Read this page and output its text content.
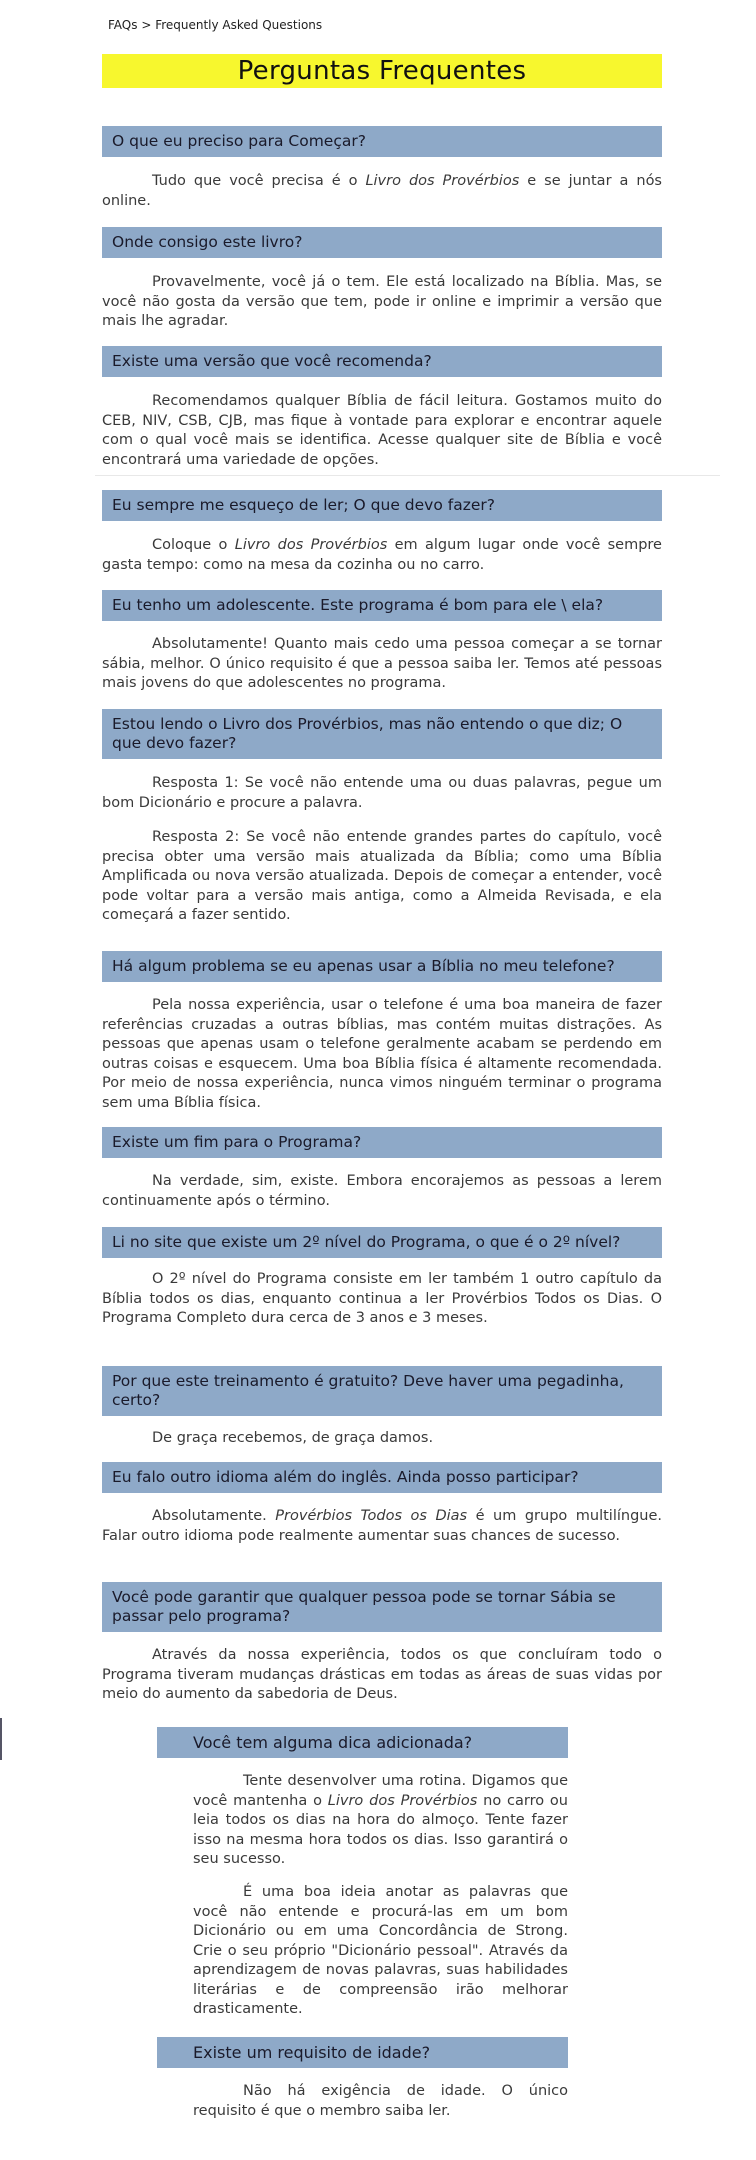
FAQs > Frequently Asked Questions
Perguntas Frequentes
O que eu preciso para Começar?

Tudo que você precisa é o Livro dos Provérbios e se juntar a nós online.

Onde consigo este livro?

Provavelmente, você já o tem. Ele está localizado na Bíblia. Mas, se você não gosta da versão que tem, pode ir online e imprimir a versão que mais lhe agradar.

Existe uma versão que você recomenda?

Recomendamos qualquer Bíblia de fácil leitura. Gostamos muito do CEB, NIV, CSB, CJB, mas fique à vontade para explorar e encontrar aquele com o qual você mais se identifica. Acesse qualquer site de Bíblia e você encontrará uma variedade de opções.

Eu sempre me esqueço de ler; O que devo fazer?

Coloque o Livro dos Provérbios em algum lugar onde você sempre gasta tempo: como na mesa da cozinha ou no carro.

Eu tenho um adolescente. Este programa é bom para ele \ ela?

Absolutamente! Quanto mais cedo uma pessoa começar a se tornar sábia, melhor. O único requisito é que a pessoa saiba ler. Temos até pessoas mais jovens do que adolescentes no programa.

Estou lendo o Livro dos Provérbios, mas não entendo o que diz; O que devo fazer?

Resposta 1: Se você não entende uma ou duas palavras, pegue um bom Dicionário e procure a palavra.

Resposta 2: Se você não entende grandes partes do capítulo, você precisa obter uma versão mais atualizada da Bíblia; como uma Bíblia Amplificada ou nova versão atualizada. Depois de começar a entender, você pode voltar para a versão mais antiga, como a Almeida Revisada, e ela começará a fazer sentido.

Há algum problema se eu apenas usar a Bíblia no meu telefone?

Pela nossa experiência, usar o telefone é uma boa maneira de fazer referências cruzadas a outras bíblias, mas contém muitas distrações. As pessoas que apenas usam o telefone geralmente acabam se perdendo em outras coisas e esquecem. Uma boa Bíblia física é altamente recomendada. Por meio de nossa experiência, nunca vimos ninguém terminar o programa sem uma Bíblia física.

Existe um fim para o Programa?

Na verdade, sim, existe. Embora encorajemos as pessoas a lerem continuamente após o término.

Li no site que existe um 2º nível do Programa, o que é o 2º nível?

O 2º nível do Programa consiste em ler também 1 outro capítulo da Bíblia todos os dias, enquanto continua a ler Provérbios Todos os Dias. O Programa Completo dura cerca de 3 anos e 3 meses.

Por que este treinamento é gratuito? Deve haver uma pegadinha, certo?

De graça recebemos, de graça damos.

Eu falo outro idioma além do inglês. Ainda posso participar?

Absolutamente. Provérbios Todos os Dias é um grupo multilíngue. Falar outro idioma pode realmente aumentar suas chances de sucesso.

Você pode garantir que qualquer pessoa pode se tornar Sábia se passar pelo programa?

Através da nossa experiência, todos os que concluíram todo o Programa tiveram mudanças drásticas em todas as áreas de suas vidas por meio do aumento da sabedoria de Deus.

Você tem alguma dica adicionada?

Tente desenvolver uma rotina. Digamos que você mantenha o Livro dos Provérbios no carro ou leia todos os dias na hora do almoço. Tente fazer isso na mesma hora todos os dias. Isso garantirá o seu sucesso.

É uma boa ideia anotar as palavras que você não entende e procurá-las em um bom Dicionário ou em uma Concordância de Strong. Crie o seu próprio "Dicionário pessoal". Através da aprendizagem de novas palavras, suas habilidades literárias e de compreensão irão melhorar drasticamente.

Existe um requisito de idade?

Não há exigência de idade. O único requisito é que o membro saiba ler.
